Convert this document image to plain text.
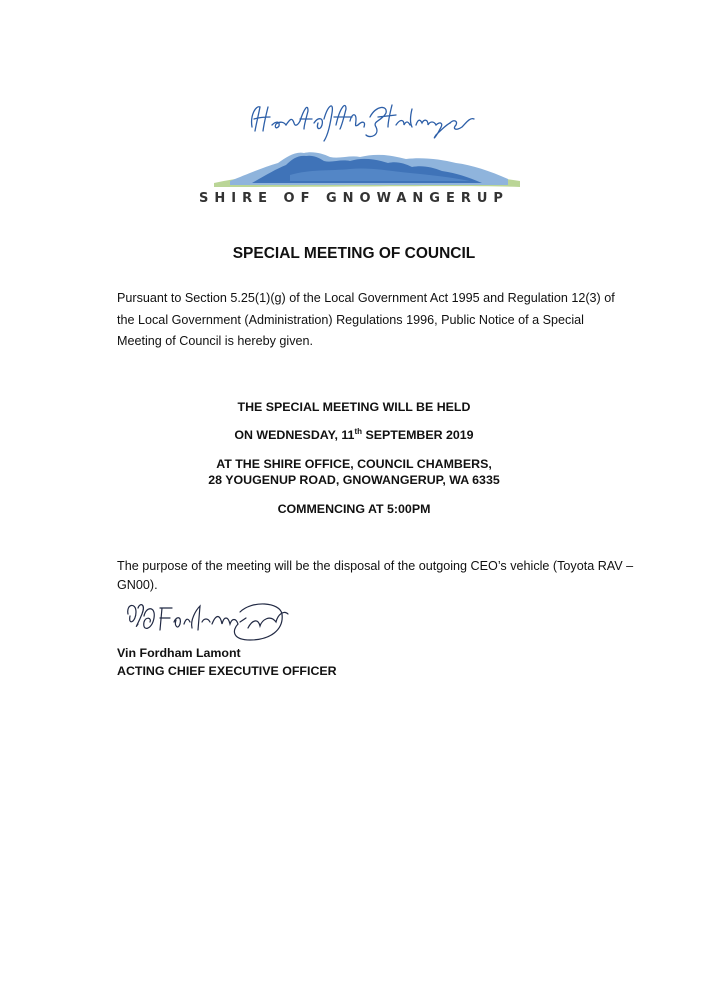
SHIRE OF GNOWANGERUP
SPECIAL MEETING OF COUNCIL
Pursuant to Section 5.25(1)(g) of the Local Government Act 1995 and Regulation 12(3) of the Local Government (Administration) Regulations 1996, Public Notice of a Special Meeting of Council is hereby given.
THE SPECIAL MEETING WILL BE HELD
ON WEDNESDAY, 11th SEPTEMBER 2019
AT THE SHIRE OFFICE, COUNCIL CHAMBERS,
28 YOUGENUP ROAD, GNOWANGERUP, WA 6335
COMMENCING AT 5:00PM
The purpose of the meeting will be the disposal of the outgoing CEO’s vehicle (Toyota RAV – GN00).
Vin Fordham Lamont
ACTING CHIEF EXECUTIVE OFFICER
